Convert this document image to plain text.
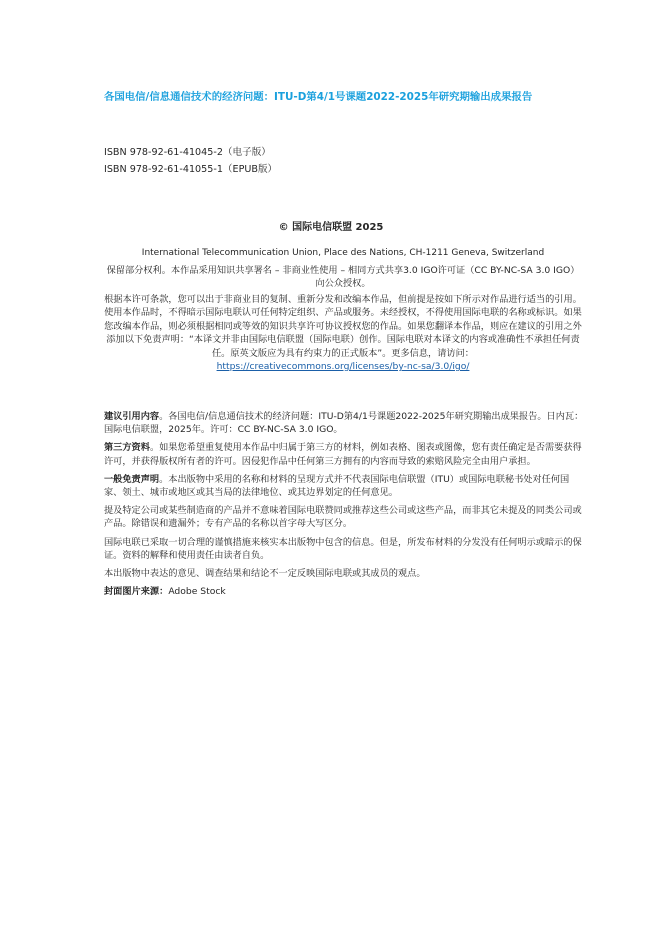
各国电信/信息通信技术的经济问题：ITU-D第4/1号课题2022-2025年研究期输出成果报告
ISBN 978-92-61-41045-2（电子版）
ISBN 978-92-61-41055-1（EPUB版）
© 国际电信联盟 2025
International Telecommunication Union, Place des Nations, CH-1211 Geneva, Switzerland
保留部分权利。本作品采用知识共享署名 – 非商业性使用 – 相同方式共享3.0 IGO许可证（CC BY-NC-SA 3.0 IGO）向公众授权。
根据本许可条款，您可以出于非商业目的复制、重新分发和改编本作品，但前提是按如下所示对作品进行适当的引用。使用本作品时，不得暗示国际电联认可任何特定组织、产品或服务。未经授权，不得使用国际电联的名称或标识。如果您改编本作品，则必须根据相同或等效的知识共享许可协议授权您的作品。如果您翻译本作品，则应在建议的引用之外添加以下免责声明：“本译文并非由国际电信联盟（国际电联）创作。国际电联对本译文的内容或准确性不承担任何责任。原英文版应为具有约束力的正式版本”。更多信息，请访问：
https://creativecommons.org/licenses/by-nc-sa/3.0/igo/

建议引用内容。各国电信/信息通信技术的经济问题：ITU-D第4/1号课题2022-2025年研究期输出成果报告。日内瓦：国际电信联盟，2025年。许可：CC BY-NC-SA 3.0 IGO。

第三方资料。如果您希望重复使用本作品中归属于第三方的材料，例如表格、图表或图像，您有责任确定是否需要获得许可，并获得版权所有者的许可。因侵犯作品中任何第三方拥有的内容而导致的索赔风险完全由用户承担。

一般免责声明。本出版物中采用的名称和材料的呈现方式并不代表国际电信联盟（ITU）或国际电联秘书处对任何国家、领土、城市或地区或其当局的法律地位、或其边界划定的任何意见。

提及特定公司或某些制造商的产品并不意味着国际电联赞同或推荐这些公司或这些产品，而非其它未提及的同类公司或产品。除错误和遗漏外；专有产品的名称以首字母大写区分。

国际电联已采取一切合理的谨慎措施来核实本出版物中包含的信息。但是，所发布材料的分发没有任何明示或暗示的保证。资料的解释和使用责任由读者自负。

本出版物中表达的意见、调查结果和结论不一定反映国际电联或其成员的观点。

封面图片来源：Adobe Stock
